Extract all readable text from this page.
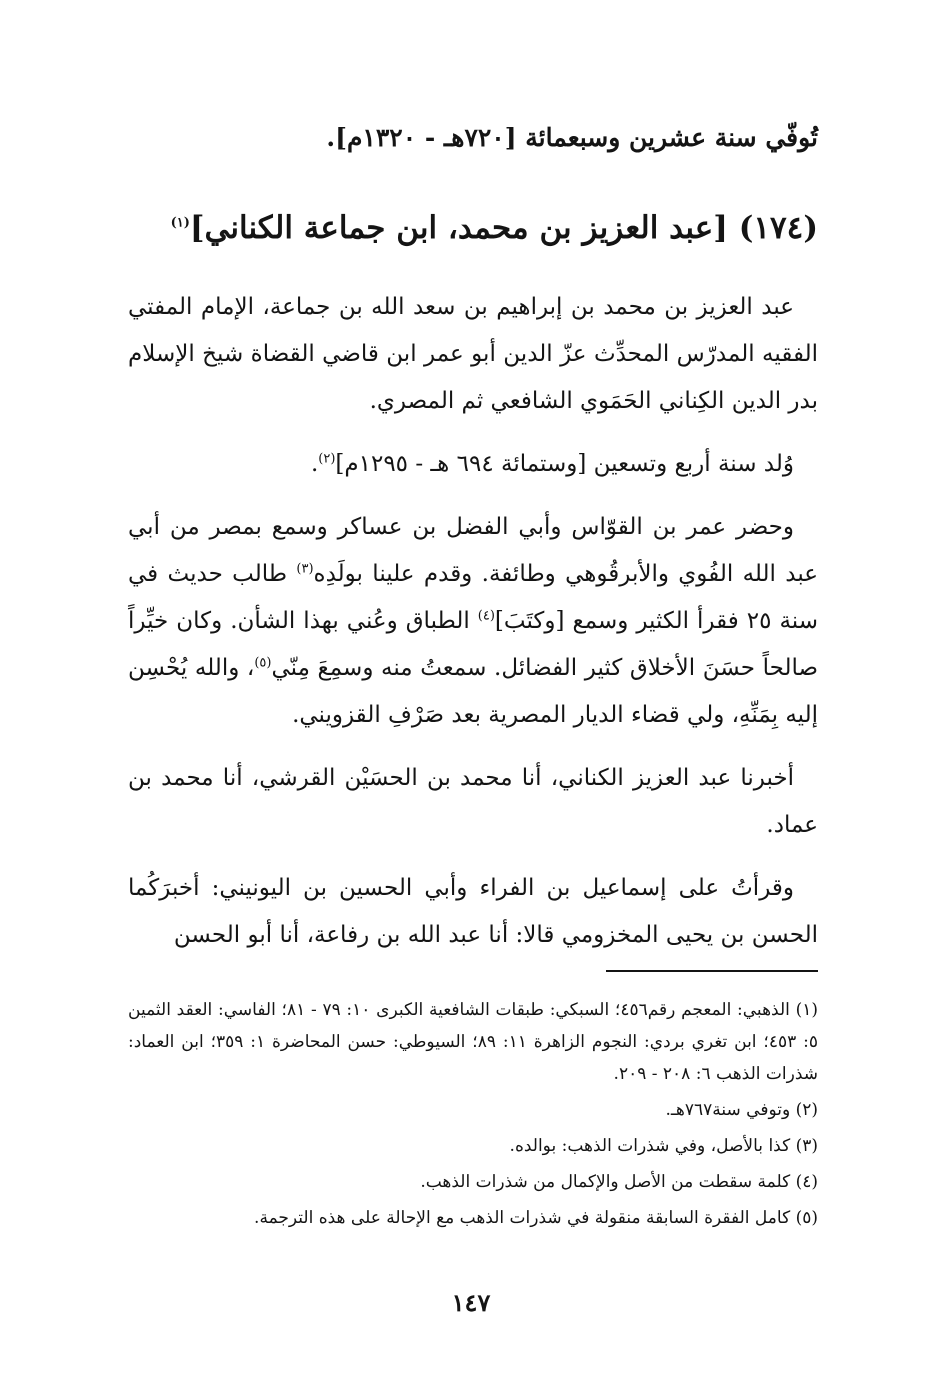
تُوفّي سنة عشرين وسبعمائة [٧٢٠هـ - ١٣٢٠م].
(١٧٤) [عبد العزيز بن محمد، ابن جماعة الكناني]$^{(١)}$

عبد العزيز بن محمد بن إبراهيم بن سعد الله بن جماعة، الإمام المفتي الفقيه المدرّس المحدِّث عزّ الدين أبو عمر ابن قاضي القضاة شيخ الإسلام بدر الدين الكِناني الحَمَوي الشافعي ثم المصري.

وُلد سنة أربع وتسعين [وستمائة ٦٩٤ هـ - ١٢٩٥م]$^{(٢)}$.

وحضر عمر بن القوّاس وأبي الفضل بن عساكر وسمع بمصر من أبي عبد الله الفُوي والأبرقُوهي وطائفة. وقدم علينا بولَدِه$^{(٣)}$ طالب حديث في سنة ٢٥ فقرأ الكثير وسمع [وكتَبَ]$^{(٤)}$ الطباق وعُني بهذا الشأن. وكان خيِّراً صالحاً حسَنَ الأخلاق كثير الفضائل. سمعتُ منه وسمِعَ مِنّي$^{(٥)}$، والله يُحْسِن إليه بِمَنِّهِ، ولي قضاء الديار المصرية بعد صَرْفِ القزويني.

أخبرنا عبد العزيز الكناني، أنا محمد بن الحسَيْن القرشي، أنا محمد بن عماد.

وقرأتُ على إسماعيل بن الفراء وأبي الحسين بن اليونيني: أخبرَكُما الحسن بن يحيى المخزومي قالا: أنا عبد الله بن رفاعة، أنا أبو الحسن

(١) الذهبي: المعجم رقم٤٥٦؛ السبكي: طبقات الشافعية الكبرى ١٠: ٧٩ - ٨١؛ الفاسي: العقد الثمين ٥: ٤٥٣؛ ابن تغري بردي: النجوم الزاهرة ١١: ٨٩؛ السيوطي: حسن المحاضرة ١: ٣٥٩؛ ابن العماد: شذرات الذهب ٦: ٢٠٨ - ٢٠٩.

(٢) وتوفي سنة٧٦٧هـ.

(٣) كذا بالأصل، وفي شذرات الذهب: بوالده.

(٤) كلمة سقطت من الأصل والإكمال من شذرات الذهب.

(٥) كامل الفقرة السابقة منقولة في شذرات الذهب مع الإحالة على هذه الترجمة.

١٤٧
